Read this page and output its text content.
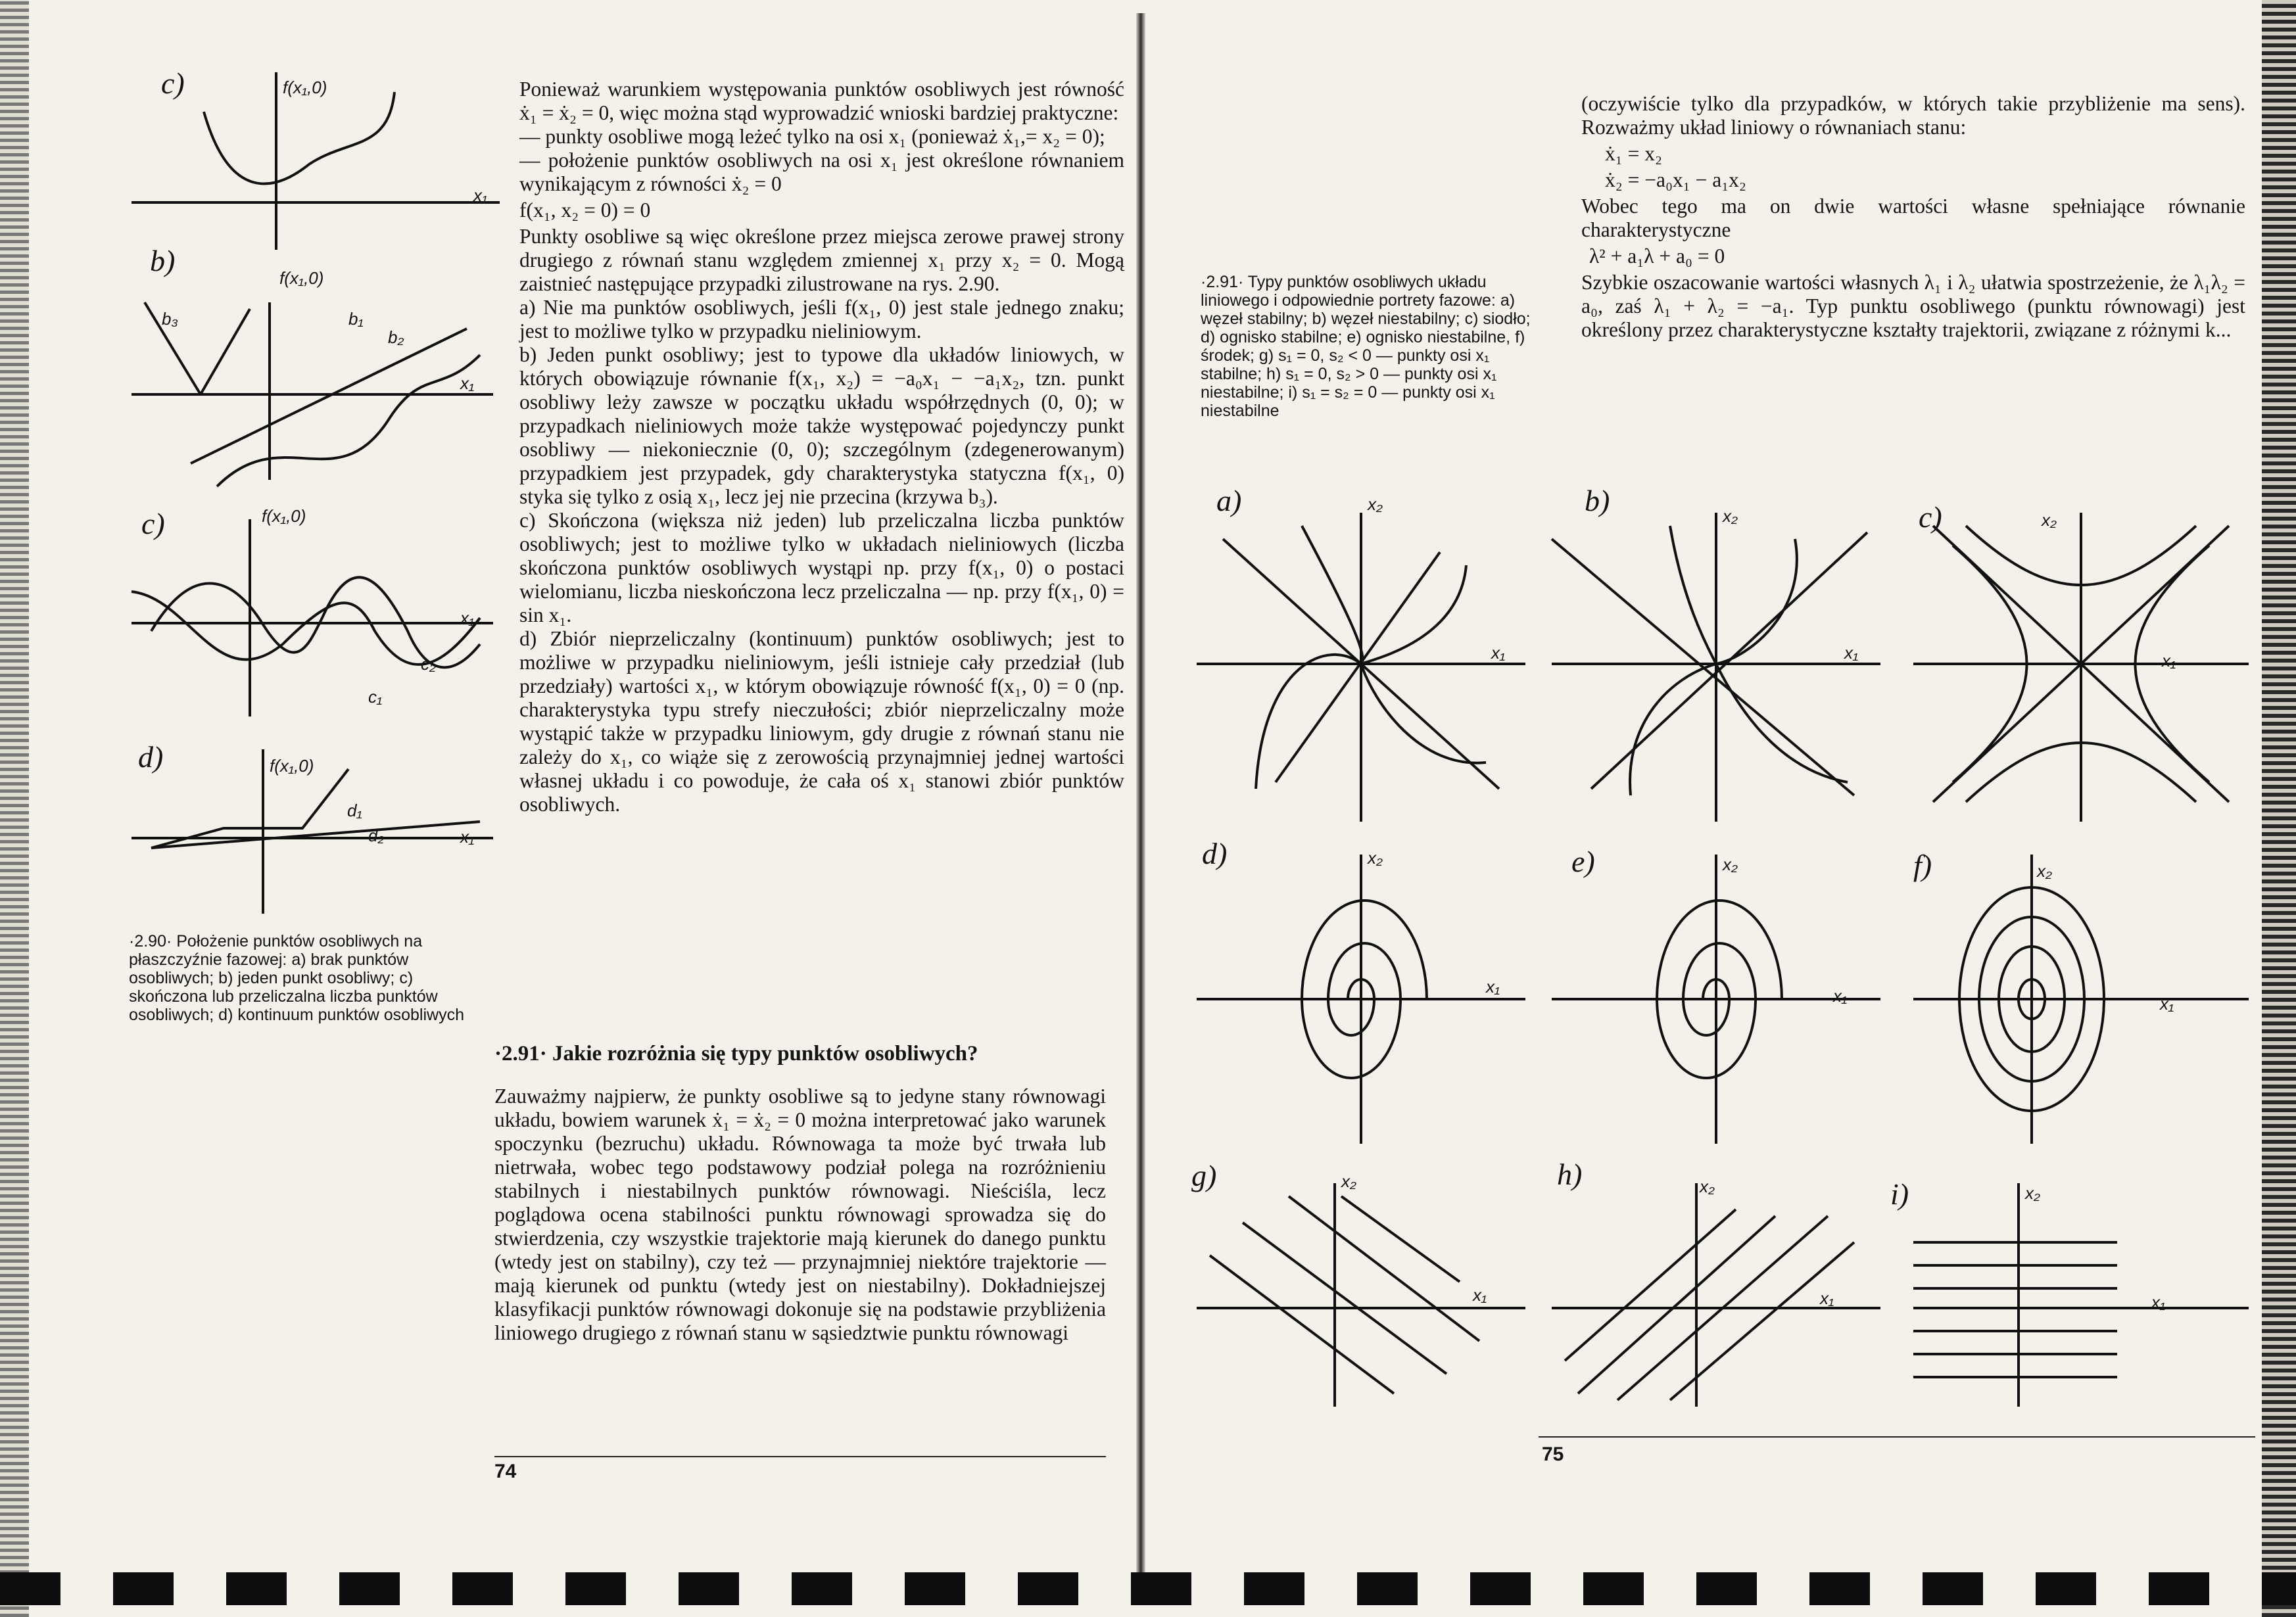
c)	f(x₁,0)
x₁
b)
f(x₁,0)
x₁
b₁
b₂
b₃
c)	f(x₁,0)
x₁
c₁
c₂
d)	f(x₁,0)
x₁
d₁
d₂
·2.90· Położenie punktów osobliwych na płaszczyźnie fazowej: a) brak punktów osobliwych; b) jeden punkt osobliwy; c) skończona lub przeliczalna liczba punktów osobliwych; d) kontinuum punktów osobliwych

Ponieważ warunkiem występowania punktów osobliwych jest równość ẋ₁ = ẋ₂ = 0, więc można stąd wyprowadzić wnioski bardziej praktyczne:

— punkty osobliwe mogą leżeć tylko na osi x₁ (ponieważ ẋ₁,= x₂ = 0);

— położenie punktów osobliwych na osi x₁ jest określone równaniem wynikającym z równości ẋ₂ = 0

f(x₁, x₂ = 0) = 0

Punkty osobliwe są więc określone przez miejsca zerowe prawej strony drugiego z równań stanu względem zmiennej x₁ przy x₂ = 0. Mogą zaistnieć następujące przypadki zilustrowane na rys. 2.90.

a) Nie ma punktów osobliwych, jeśli f(x₁, 0) jest stale jednego znaku; jest to możliwe tylko w przypadku nieliniowym.

b) Jeden punkt osobliwy; jest to typowe dla układów liniowych, w których obowiązuje równanie f(x₁, x₂) = −a₀x₁ − −a₁x₂, tzn. punkt osobliwy leży zawsze w początku układu współrzędnych (0, 0); w przypadkach nieliniowych może także występować pojedynczy punkt osobliwy — niekoniecznie (0, 0); szczególnym (zdegenerowanym) przypadkiem jest przypadek, gdy charakterystyka statyczna f(x₁, 0) styka się tylko z osią x₁, lecz jej nie przecina (krzywa b₃).

c) Skończona (większa niż jeden) lub przeliczalna liczba punktów osobliwych; jest to możliwe tylko w układach nieliniowych (liczba skończona punktów osobliwych wystąpi np. przy f(x₁, 0) o postaci wielomianu, liczba nieskończona lecz przeliczalna — np. przy f(x₁, 0) = sin x₁.

d) Zbiór nieprzeliczalny (kontinuum) punktów osobliwych; jest to możliwe w przypadku nieliniowym, jeśli istnieje cały przedział (lub przedziały) wartości x₁, w którym obowiązuje równość f(x₁, 0) = 0 (np. charakterystyka typu strefy nieczułości; zbiór nieprzeliczalny może wystąpić także w przypadku liniowym, gdy drugie z równań stanu nie zależy do x₁, co wiąże się z zerowością przynajmniej jednej wartości własnej układu i co powoduje, że cała oś x₁ stanowi zbiór punktów osobliwych.

·2.91· Jakie rozróżnia się typy punktów osobliwych?

Zauważmy najpierw, że punkty osobliwe są to jedyne stany równowagi układu, bowiem warunek ẋ₁ = ẋ₂ = 0 można interpretować jako warunek spoczynku (bezruchu) układu. Równowaga ta może być trwała lub nietrwała, wobec tego podstawowy podział polega na rozróżnieniu stabilnych i niestabilnych punktów równowagi. Nieściśla, lecz poglądowa ocena stabilności punktu równowagi sprowadza się do stwierdzenia, czy wszystkie trajektorie mają kierunek do danego punktu (wtedy jest on stabilny), czy też — przynajmniej niektóre trajektorie — mają kierunek od punktu (wtedy jest on niestabilny). Dokładniejszej klasyfikacji punktów równowagi dokonuje się na podstawie przybliżenia liniowego drugiego z równań stanu w sąsiedztwie punktu równowagi

74
·2.91· Typy punktów osobliwych układu liniowego i odpowiednie portrety fazowe: a) węzeł stabilny; b) węzeł niestabilny; c) siodło; d) ognisko stabilne; e) ognisko niestabilne, f) środek; g) s₁ = 0, s₂ < 0 — punkty osi x₁ stabilne; h) s₁ = 0, s₂ > 0 — punkty osi x₁ niestabilne; i) s₁ = s₂ = 0 — punkty osi x₁ niestabilne

(oczywiście tylko dla przypadków, w których takie przybliżenie ma sens). Rozważmy układ liniowy o równaniach stanu:

ẋ₁ = x₂

ẋ₂ = −a₀x₁ − a₁x₂

Wobec tego ma on dwie wartości własne spełniające równanie charakterystyczne

λ² + a₁λ + a₀ = 0

Szybkie oszacowanie wartości własnych λ₁ i λ₂ ułatwia spostrzeżenie, że λ₁λ₂ = a₀, zaś λ₁ + λ₂ = −a₁. Typ punktu osobliwego (punktu równowagi) jest określony przez charakterystyczne kształty trajektorii, związane z różnymi k...

a)	x₂
x₁
b)	x₂
x₁
c)	x₂
x₁
d)	x₂
x₁
e)	x₂
x₁
f)	x₂
x₁
g)	x₂
x₁
h)	x₂
x₁
i)	x₂
x₁
75
